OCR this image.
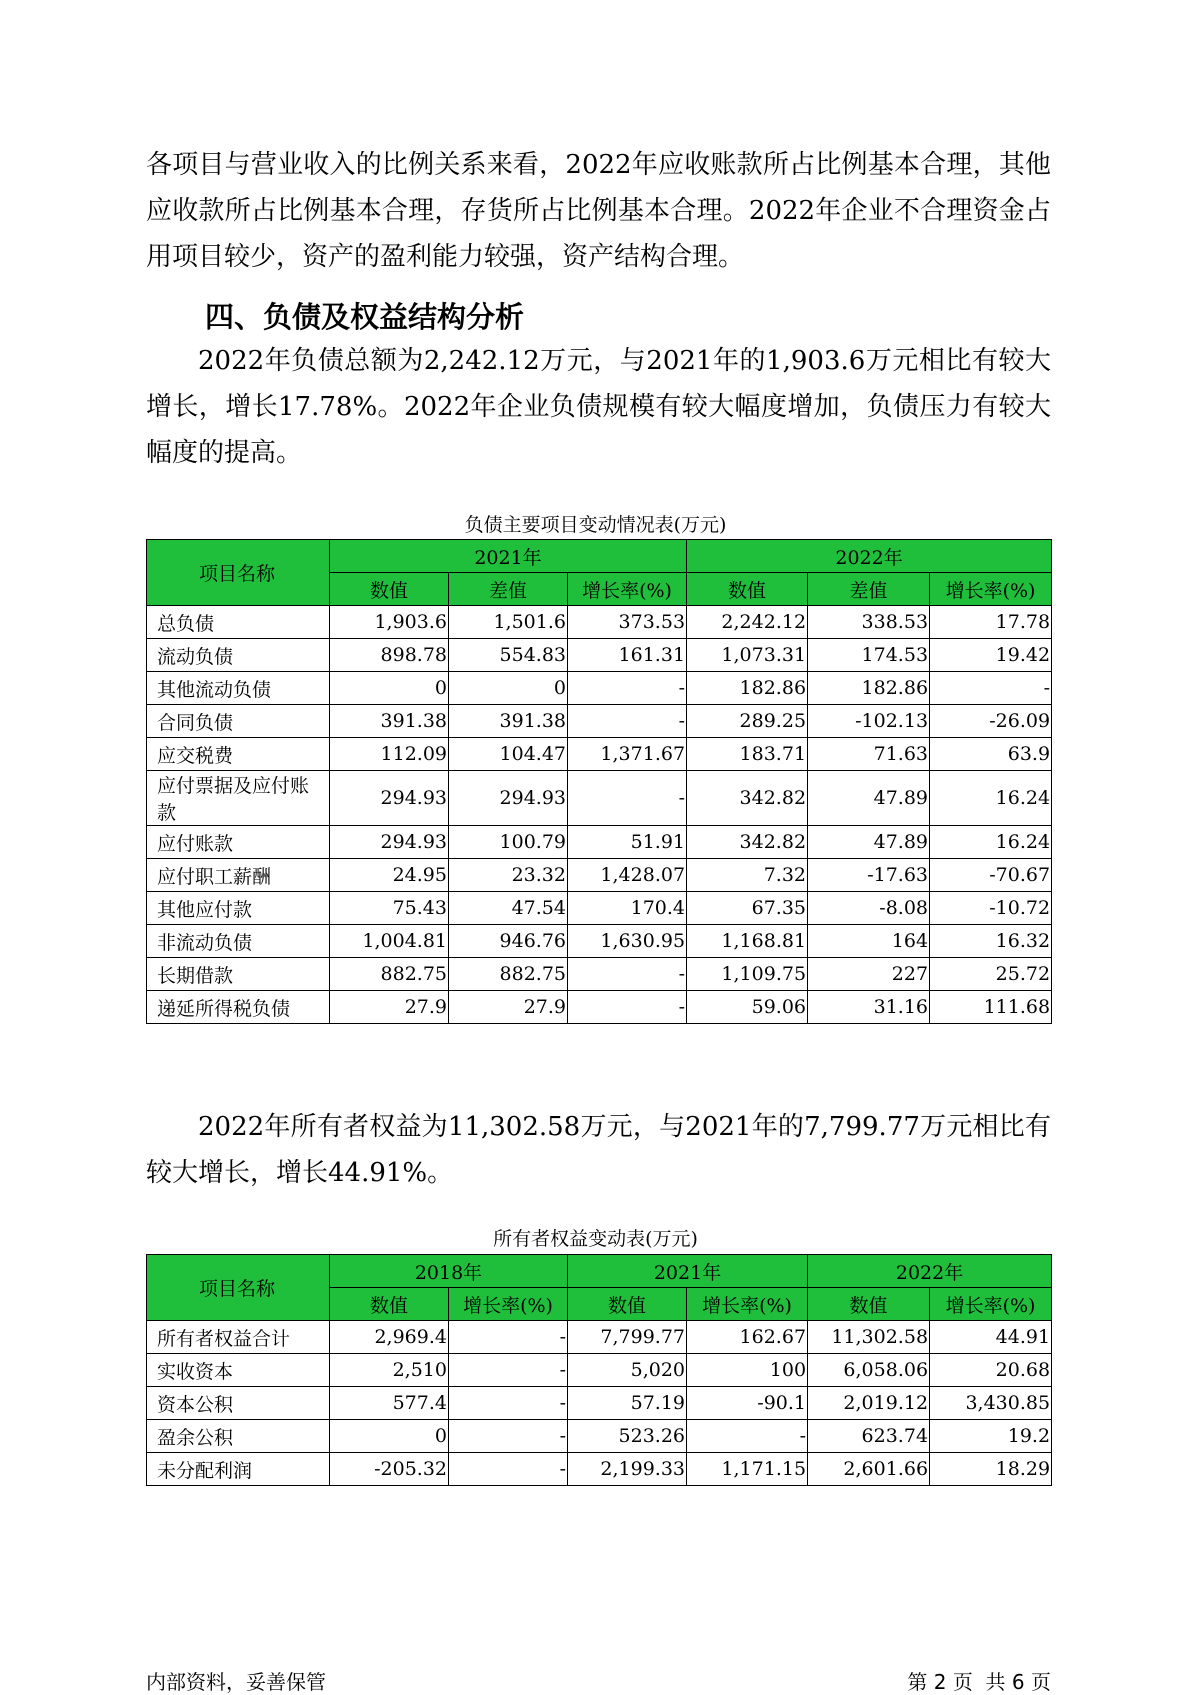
各项目与营业收入的比例关系来看，2022年应收账款所占比例基本合理，其他应收款所占比例基本合理，存货所占比例基本合理。2022年企业不合理资金占用项目较少，资产的盈利能力较强，资产结构合理。

四、负债及权益结构分析

2022年负债总额为2,242.12万元，与2021年的1,903.6万元相比有较大增长，增长17.78%。2022年企业负债规模有较大幅度增加，负债压力有较大幅度的提高。

负债主要项目变动情况表(万元)
项目名称	2021年			2022年		
	数值	差值	增长率(%)	数值	差值	增长率(%)
总负债	1,903.6	1,501.6	373.53	2,242.12	338.53	17.78
流动负债	898.78	554.83	161.31	1,073.31	174.53	19.42
其他流动负债	0	0	-	182.86	182.86	-
合同负债	391.38	391.38	-	289.25	-102.13	-26.09
应交税费	112.09	104.47	1,371.67	183.71	71.63	63.9
应付票据及应付账款	294.93	294.93	-	342.82	47.89	16.24
应付账款	294.93	100.79	51.91	342.82	47.89	16.24
应付职工薪酬	24.95	23.32	1,428.07	7.32	-17.63	-70.67
其他应付款	75.43	47.54	170.4	67.35	-8.08	-10.72
非流动负债	1,004.81	946.76	1,630.95	1,168.81	164	16.32
长期借款	882.75	882.75	-	1,109.75	227	25.72
递延所得税负债	27.9	27.9	-	59.06	31.16	111.68

2022年所有者权益为11,302.58万元，与2021年的7,799.77万元相比有较大增长，增长44.91%。

所有者权益变动表(万元)
项目名称	2018年		2021年		2022年	
	数值	增长率(%)	数值	增长率(%)	数值	增长率(%)
所有者权益合计	2,969.4	-	7,799.77	162.67	11,302.58	44.91
实收资本	2,510	-	5,020	100	6,058.06	20.68
资本公积	577.4	-	57.19	-90.1	2,019.12	3,430.85
盈余公积	0	-	523.26	-	623.74	19.2
未分配利润	-205.32	-	2,199.33	1,171.15	2,601.66	18.29
内部资料，妥善保管	第 2 页  共 6 页
